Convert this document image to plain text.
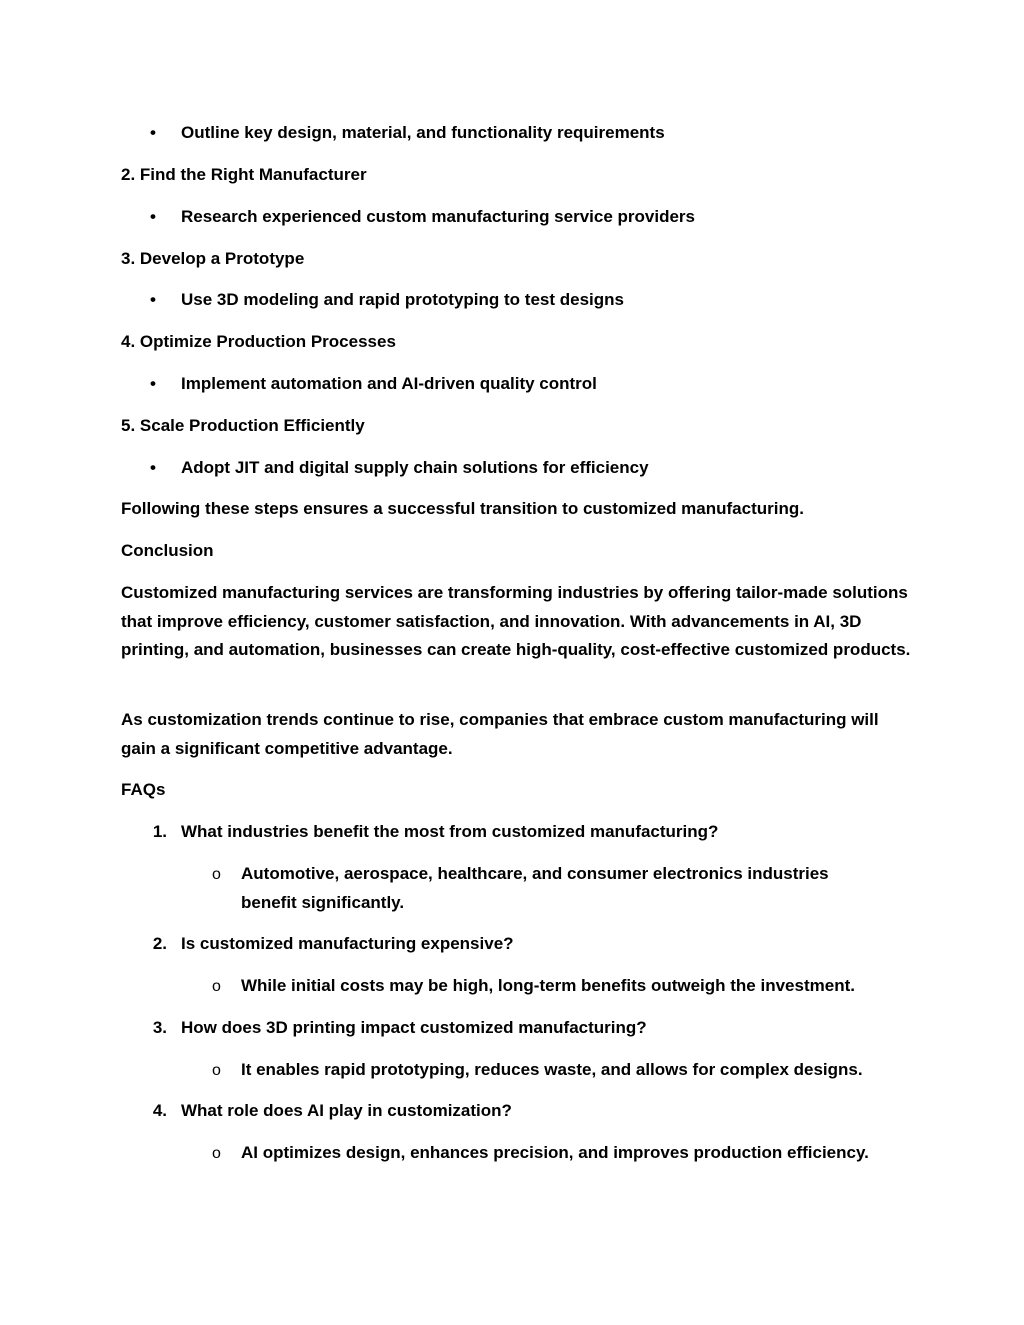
• Outline key design, material, and functionality requirements
2. Find the Right Manufacturer
• Research experienced custom manufacturing service providers
3. Develop a Prototype
• Use 3D modeling and rapid prototyping to test designs
4. Optimize Production Processes
• Implement automation and AI-driven quality control
5. Scale Production Efficiently
• Adopt JIT and digital supply chain solutions for efficiency
Following these steps ensures a successful transition to customized manufacturing.
Conclusion
Customized manufacturing services are transforming industries by offering tailor-made solutions that improve efficiency, customer satisfaction, and innovation. With advancements in AI, 3D printing, and automation, businesses can create high-quality, cost-effective customized products.
As customization trends continue to rise, companies that embrace custom manufacturing will gain a significant competitive advantage.
FAQs
1. What industries benefit the most from customized manufacturing?
o Automotive, aerospace, healthcare, and consumer electronics industries benefit significantly.
2. Is customized manufacturing expensive?
o While initial costs may be high, long-term benefits outweigh the investment.
3. How does 3D printing impact customized manufacturing?
o It enables rapid prototyping, reduces waste, and allows for complex designs.
4. What role does AI play in customization?
o AI optimizes design, enhances precision, and improves production efficiency.
